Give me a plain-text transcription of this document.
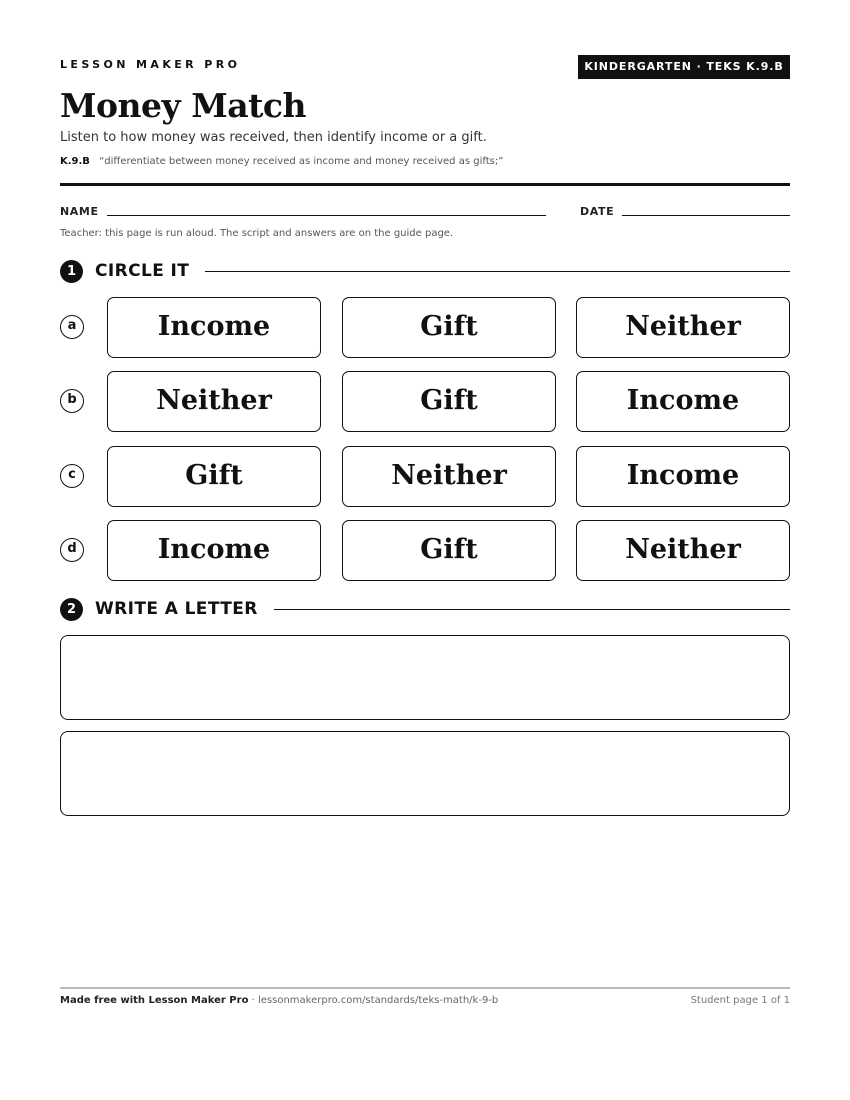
LESSON MAKER PRO	KINDERGARTEN · TEKS K.9.B
Money Match
Listen to how money was received, then identify income or a gift.
K.9.B “differentiate between money received as income and money received as gifts;”
NAME	DATE
Teacher: this page is run aloud. The script and answers are on the guide page.
1	CIRCLE IT
a	Income	Gift	Neither
b	Neither	Gift	Income
c	Gift	Neither	Income
d	Income	Gift	Neither
2	WRITE A LETTER
Made free with Lesson Maker Pro · lessonmakerpro.com/standards/teks-math/k-9-b	Student page 1 of 1
